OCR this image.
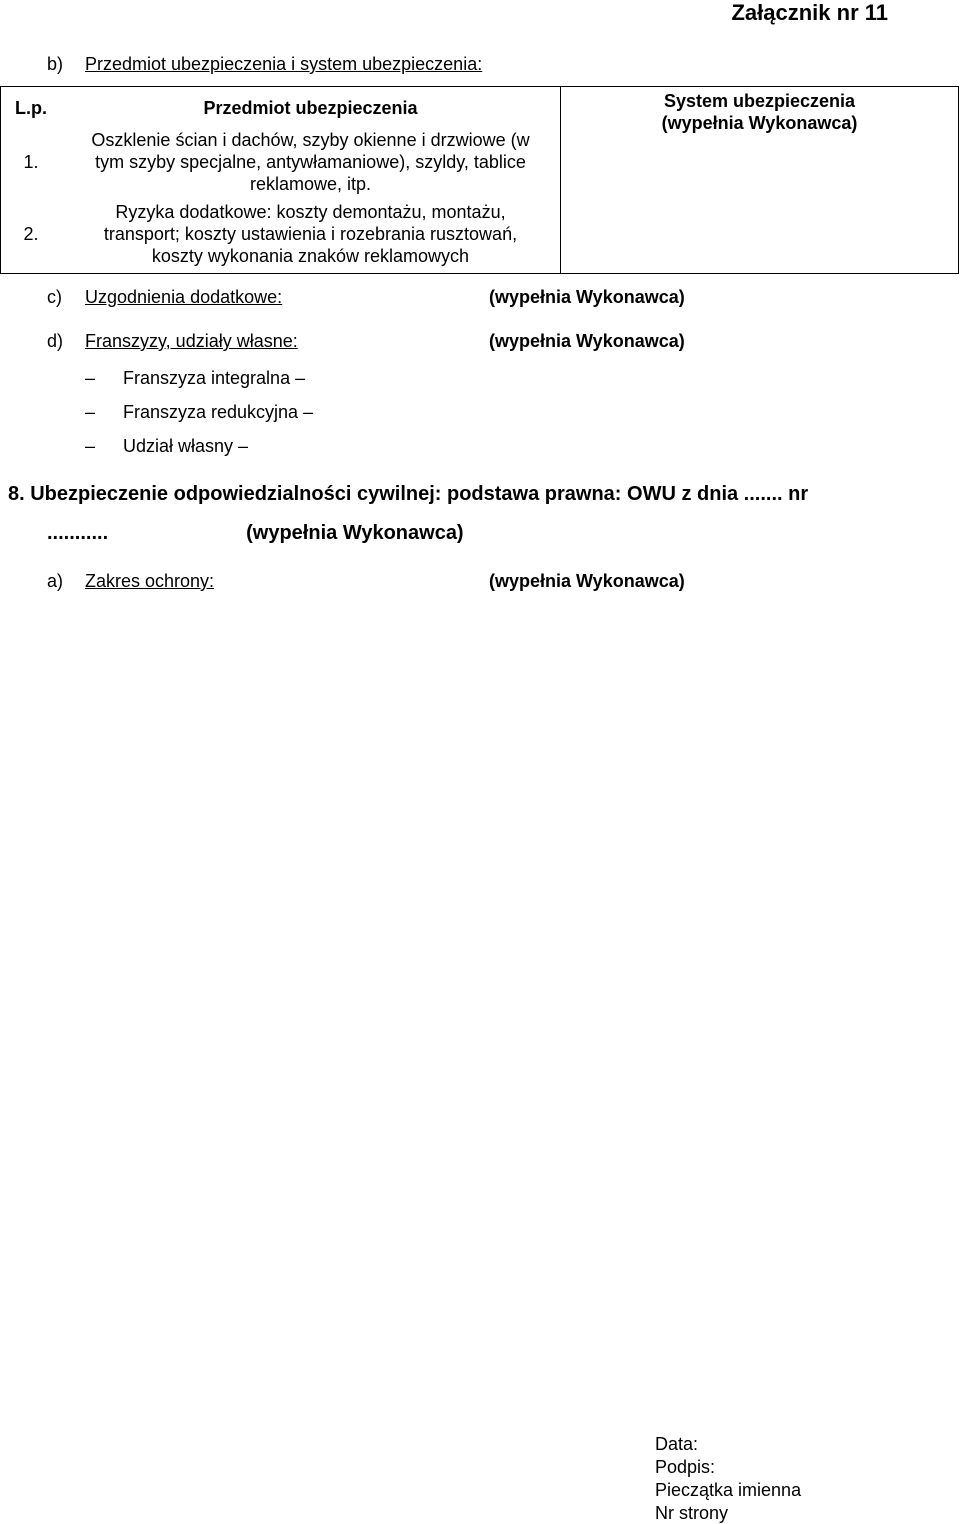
Załącznik nr 11
b) Przedmiot ubezpieczenia i system ubezpieczenia:
L.p.	Przedmiot ubezpieczenia	System ubezpieczenia
(wypełnia Wykonawca)

1.	Oszklenie ścian i dachów, szyby okienne i drzwiowe (w
tym szyby specjalne, antywłamaniowe), szyldy, tablice
reklamowe, itp.	

2.	Ryzyka dodatkowe: koszty demontażu, montażu,
transport; koszty ustawienia i rozebrania rusztowań,
koszty wykonania znaków reklamowych	
c) Uzgodnienia dodatkowe:	(wypełnia Wykonawca)
d) Franszyzy, udziały własne:	(wypełnia Wykonawca)
– Franszyza integralna –
– Franszyza redukcyjna –
– Udział własny –
8. Ubezpieczenie odpowiedzialności cywilnej: podstawa prawna: OWU z dnia ....... nr
...........	(wypełnia Wykonawca)
a) Zakres ochrony:	(wypełnia Wykonawca)
Data:
Podpis:
Pieczątka imienna
Nr strony
